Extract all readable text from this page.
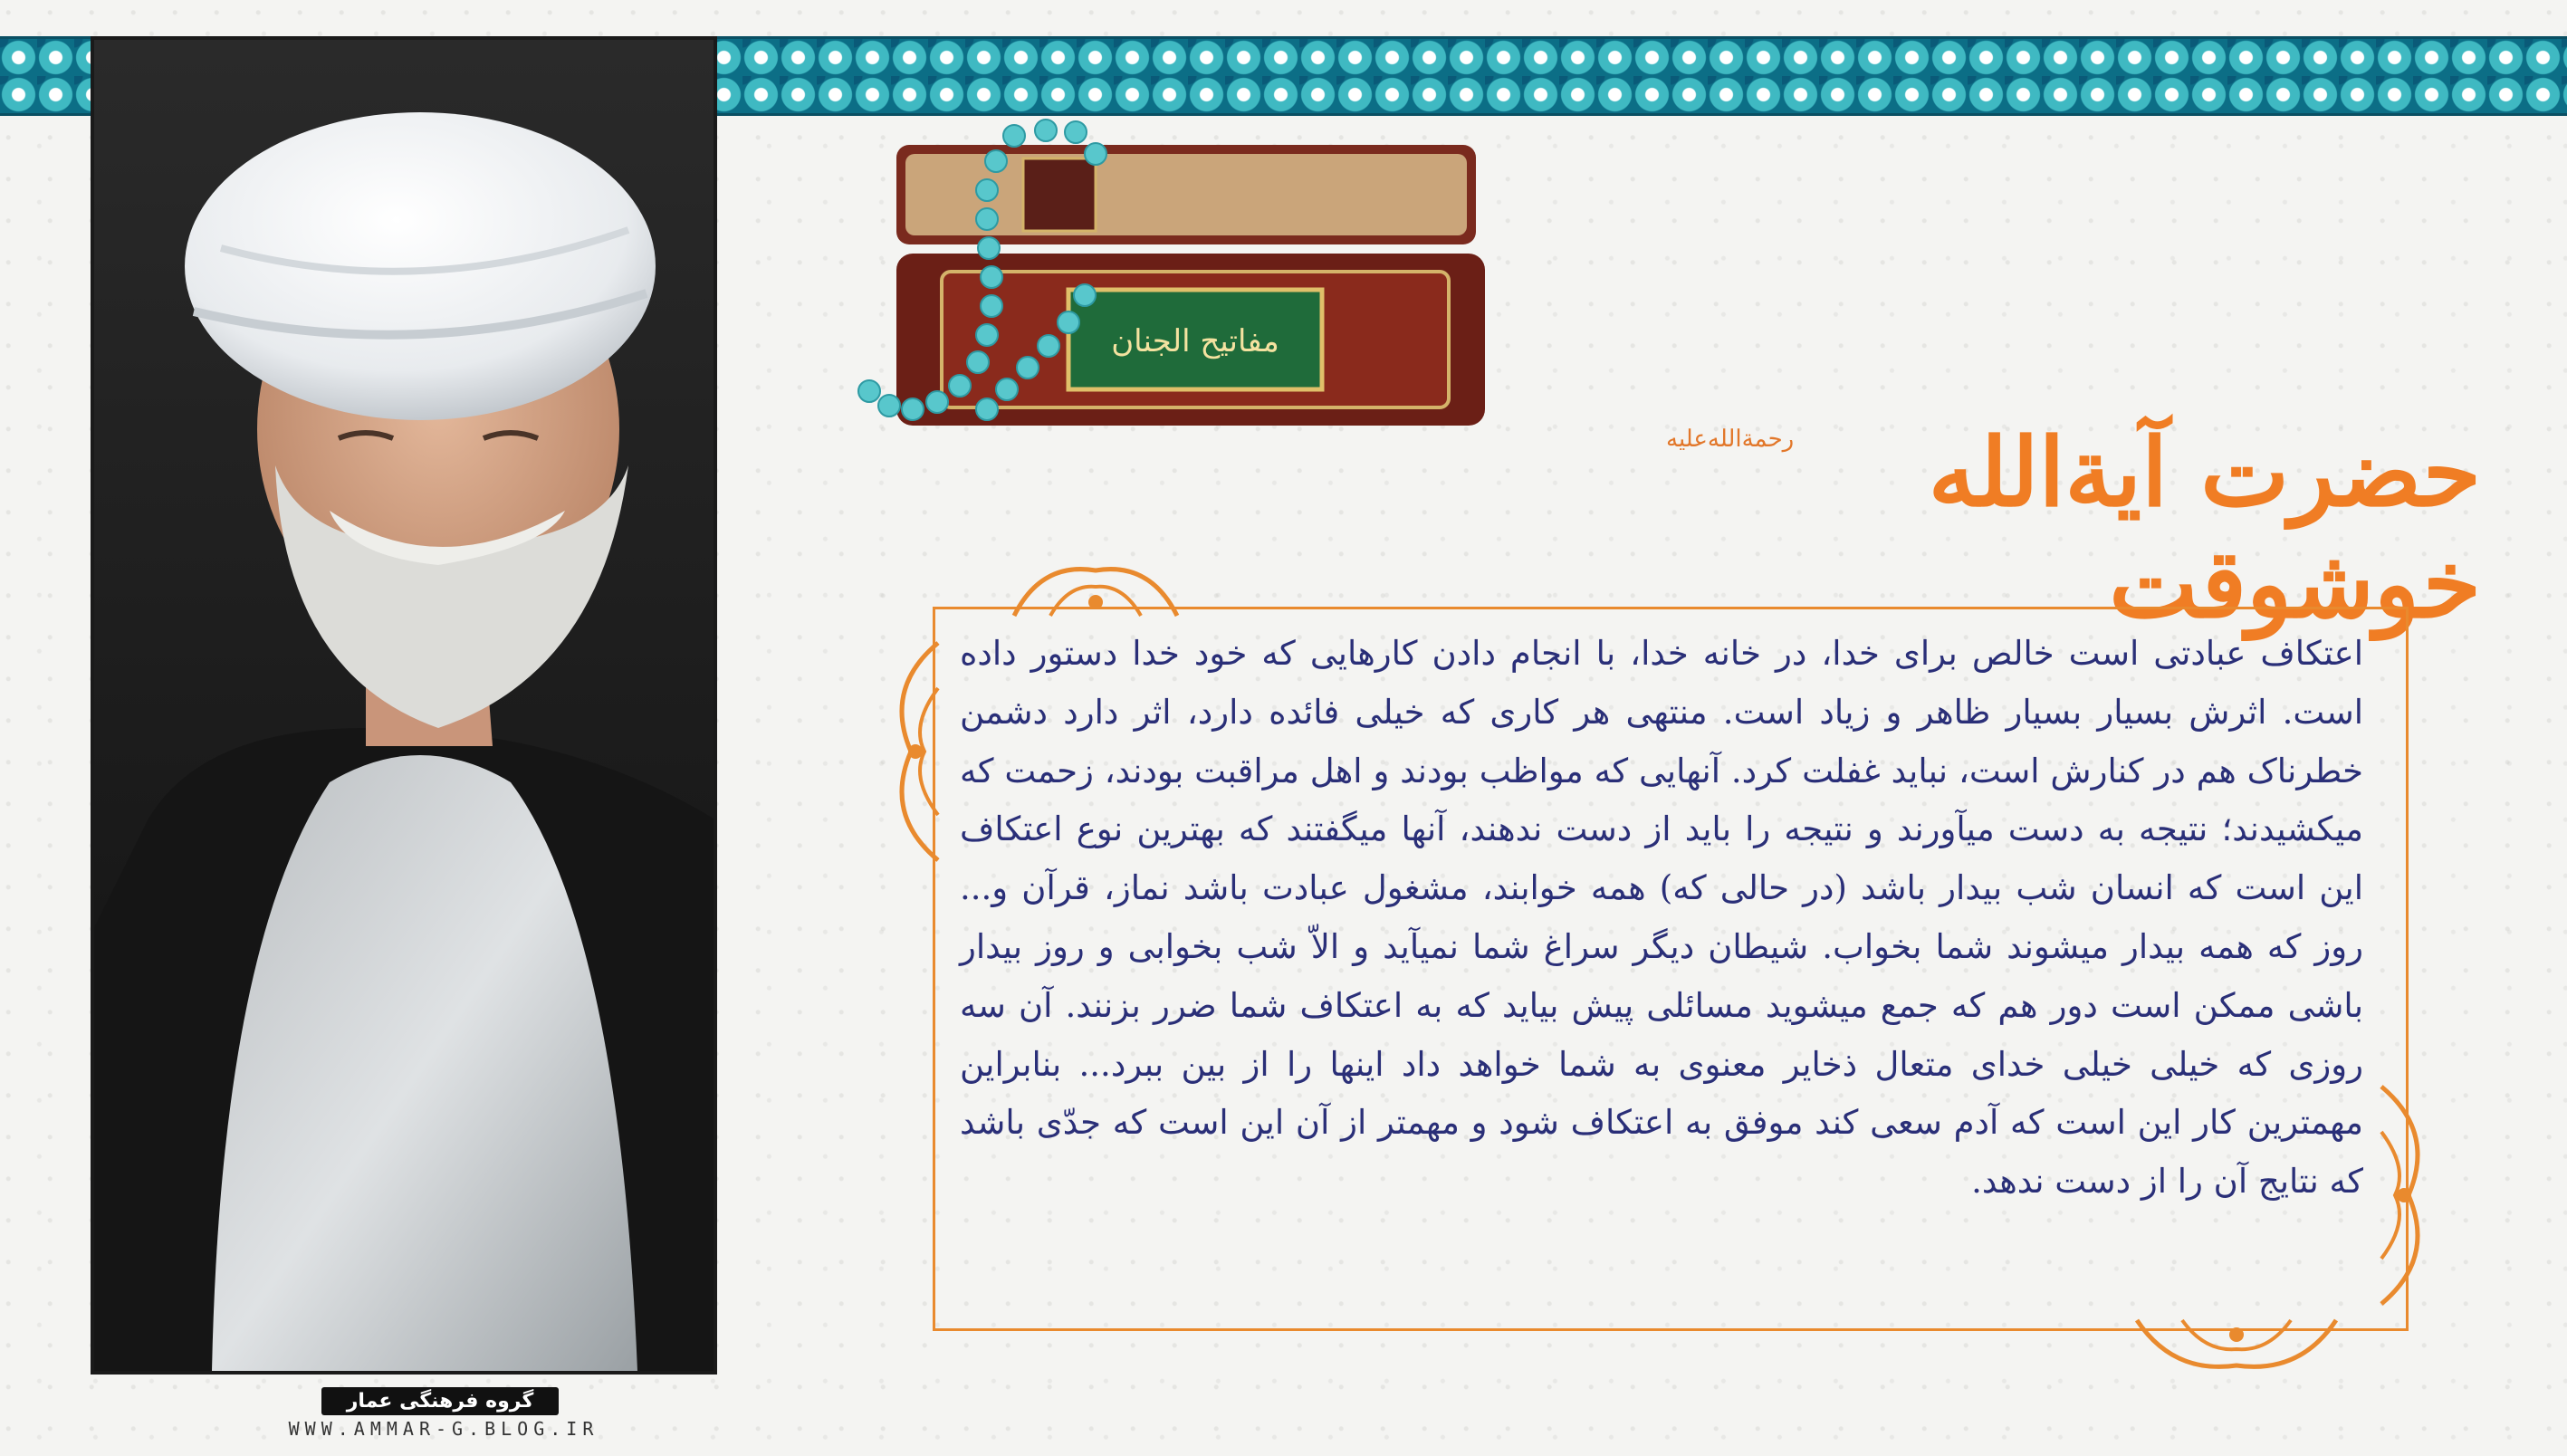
گروه فرهنگی عمار
WWW.AMMAR-G.BLOG.IR
مفاتیح الجنان
حضرت آیة‌الله خوشوقت
رحمة‌الله‌علیه
اعتکاف عبادتی است خالص برای خدا، در خانه خدا، با انجام دادن کارهایی که خود خدا دستور داده است. اثرش بسیار بسیار ظاهر و زیاد است. منتهی هر کاری که خیلی فائده دارد، اثر دارد دشمن خطرناک هم در کنارش است، نباید غفلت کرد. آنهایی که مواظب بودند و اهل مراقبت بودند، زحمت که میکشیدند؛ نتیجه به دست میآورند و نتیجه را باید از دست ندهند، آنها میگفتند که بهترین نوع اعتکاف این است که انسان شب بیدار باشد (در حالی که) همه خوابند، مشغول عبادت باشد نماز، قرآن و... روز که همه بیدار میشوند شما بخواب. شیطان دیگر سراغ شما نمیآید و الاّ شب بخوابی و روز بیدار باشی ممکن است دور هم که جمع میشوید مسائلی پیش بیاید که به اعتکاف شما ضرر بزنند. آن سه روزی که خیلی خیلی خدای متعال ذخایر معنوی به شما خواهد داد اینها را از بین ببرد... بنابراین مهمترین کار این است که آدم سعی کند موفق به اعتکاف شود و مهمتر از آن این است که جدّی باشد که نتایج آن را از دست ندهد.
